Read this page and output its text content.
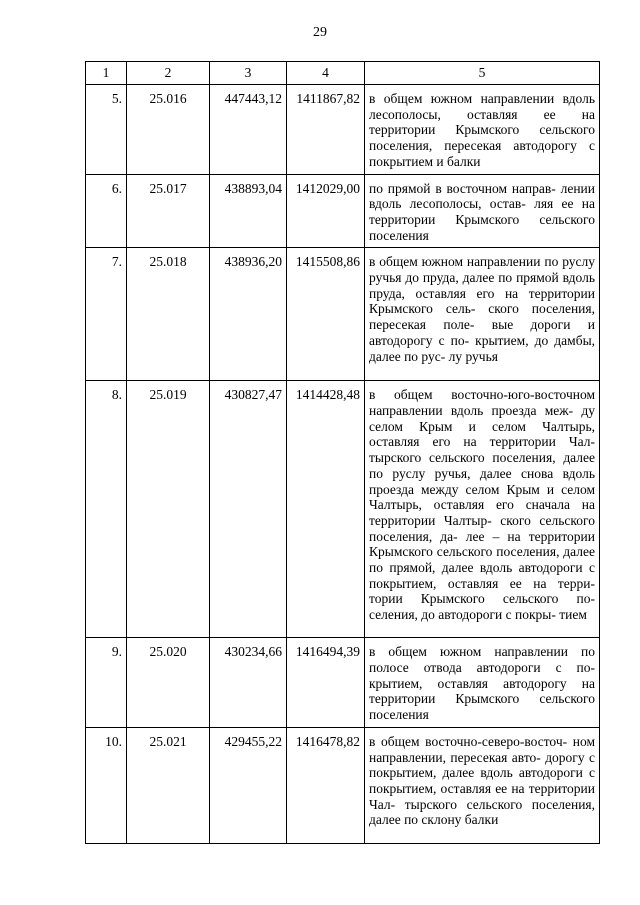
29
1	2	3	4	5
5.	25.016	447443,12	1411867,82	в общем южном направлении вдоль лесополосы, оставляя ее на территории Крымского сельского поселения, пересекая автодорогу с покрытием и балки
6.	25.017	438893,04	1412029,00	по прямой в восточном направ- лении вдоль лесополосы, остав- ляя ее на территории Крымского сельского поселения
7.	25.018	438936,20	1415508,86	в общем южном направлении по руслу ручья до пруда, далее по прямой вдоль пруда, оставляя его на территории Крымского сель- ского поселения, пересекая поле- вые дороги и автодорогу с по- крытием, до дамбы, далее по рус- лу ручья
8.	25.019	430827,47	1414428,48	в общем восточно-юго-восточном направлении вдоль проезда меж- ду селом Крым и селом Чалтырь, оставляя его на территории Чал- тырского сельского поселения, далее по руслу ручья, далее снова вдоль проезда между селом Крым и селом Чалтырь, оставляя его сначала на территории Чалтыр- ского сельского поселения, да- лее – на территории Крымского сельского поселения, далее по прямой, далее вдоль автодороги с покрытием, оставляя ее на терри- тории Крымского сельского по- селения, до автодороги с покры- тием
9.	25.020	430234,66	1416494,39	в общем южном направлении по полосе отвода автодороги с по- крытием, оставляя автодорогу на территории Крымского сельского поселения
10.	25.021	429455,22	1416478,82	в общем восточно-северо-восточ- ном направлении, пересекая авто- дорогу с покрытием, далее вдоль автодороги с покрытием, оставляя ее на территории Чал- тырского сельского поселения, далее по склону балки
